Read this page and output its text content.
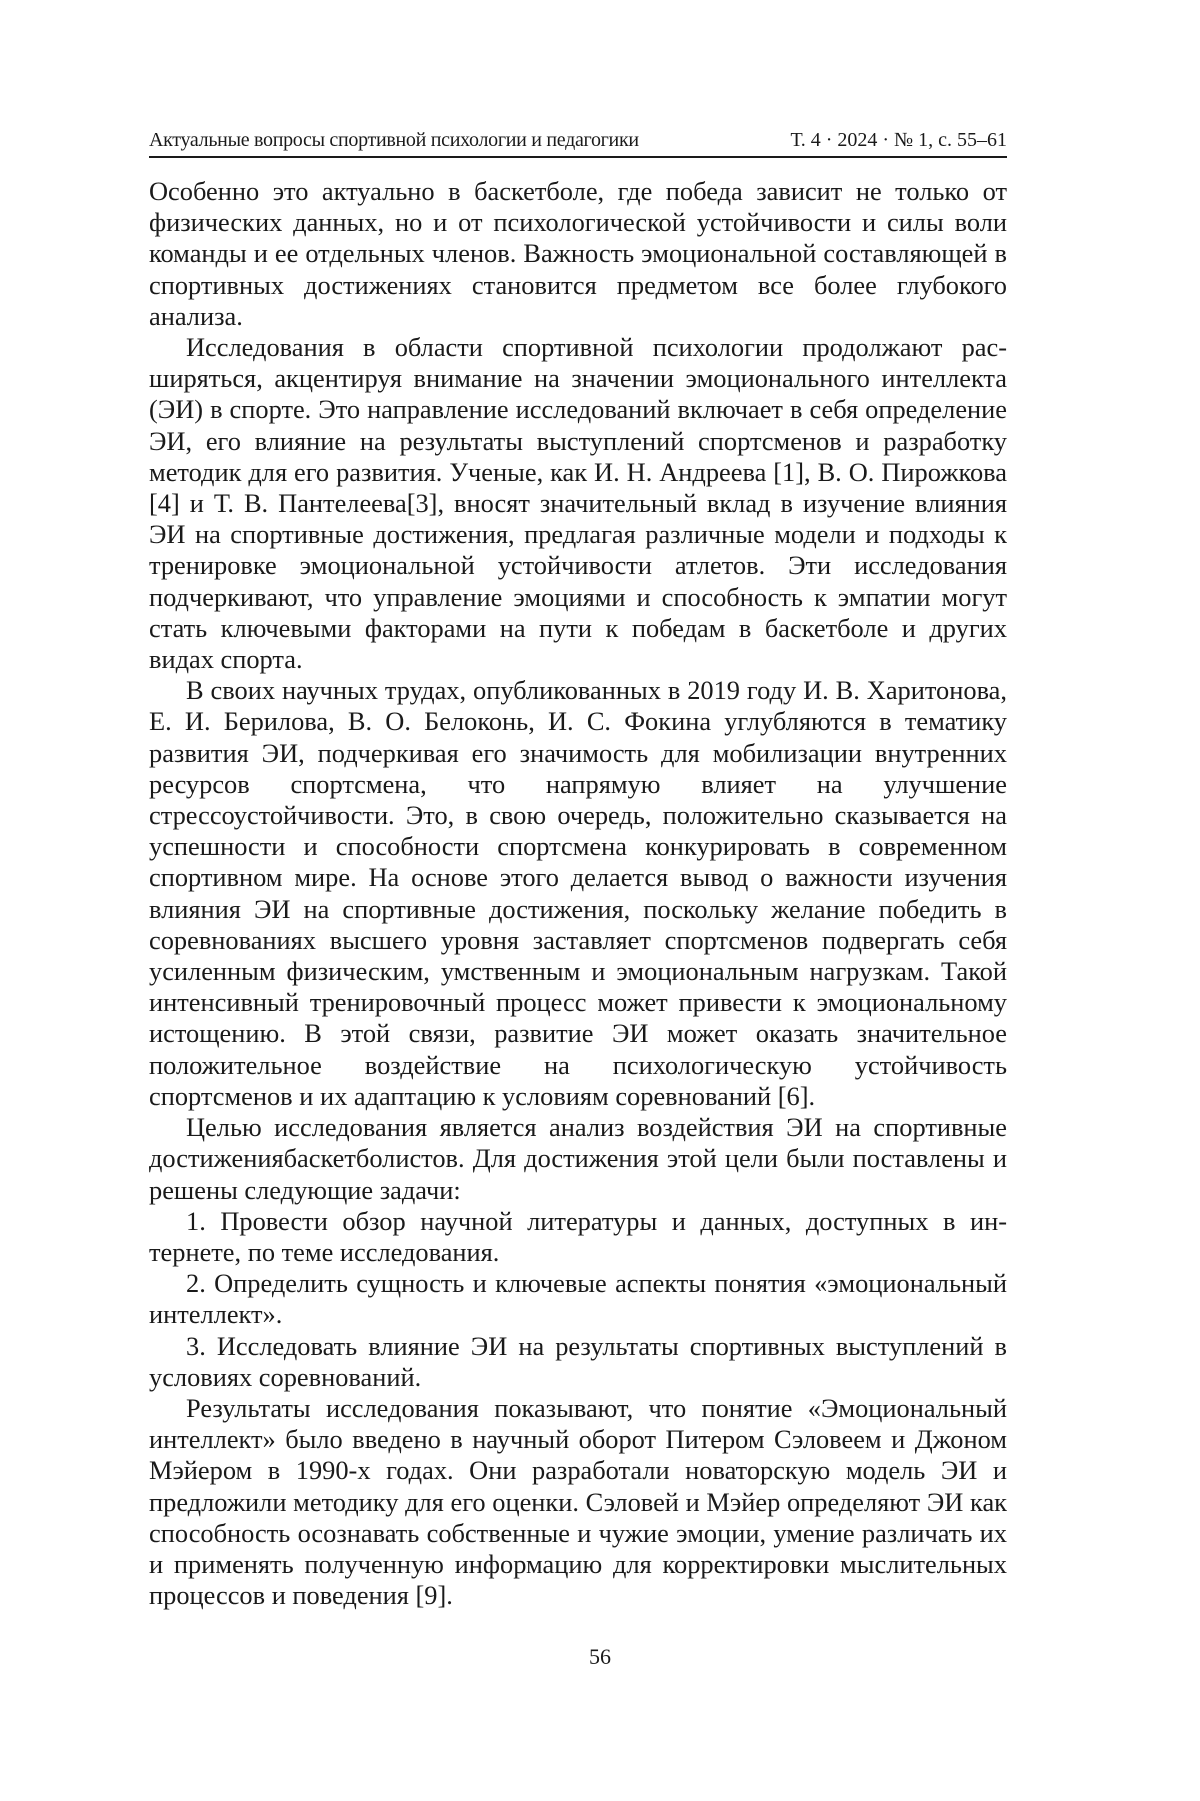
Актуальные вопросы спортивной психологии и педагогики	Т. 4 · 2024 · № 1, с. 55–61

Особенно это актуально в баскетболе, где победа зависит не только от физических данных, но и от психологической устойчивости и силы воли команды и ее отдельных членов. Важность эмоциональной со­ставляющей в спортивных достижениях становится предметом все более глубокого анализа.

Исследования в области спортивной психологии продолжают рас­ширяться, акцентируя внимание на значении эмоционального интел­лекта (ЭИ) в спорте. Это направление исследований включает в себя определение ЭИ, его влияние на результаты выступлений спортсме­нов и разработку методик для его развития. Ученые, как И. Н. Ан­дреева [1], В. О. Пирожкова [4] и Т. В. Пантелеева[3], вносят значи­тельный вклад в изучение влияния ЭИ на спортивные достижения, предлагая различные модели и подходы к тренировке эмоциональной устойчивости атлетов. Эти исследования подчеркивают, что управле­ние эмоциями и способность к эмпатии могут стать ключевыми фак­торами на пути к победам в баскетболе и других видах спорта.

В своих научных трудах, опубликованных в 2019 году И. В. Харито­нова, Е. И. Берилова, В. О. Белоконь, И. С. Фокина углубляются в те­матику развития ЭИ, подчеркивая его значимость для мобилизации внутренних ресурсов спортсмена, что напрямую влияет на улучшение стрессоустойчивости. Это, в свою очередь, положительно сказывается на успешности и способности спортсмена конкурировать в современном спортивном мире. На основе этого делается вывод о важности изучения влияния ЭИ на спортивные достижения, поскольку желание победить в соревнованиях высшего уровня заставляет спортсменов подвергать себя усиленным физическим, умственным и эмоциональным нагрузкам. Такой интенсивный тренировочный процесс может привести к эмоцио­нальному истощению. В этой связи, развитие ЭИ может оказать значи­тельное положительное воздействие на психологическую устойчивость спортсменов и их адаптацию к условиям соревнований [6].

Целью исследования является анализ воздействия ЭИ на спортив­ные достижениябаскетболистов. Для достижения этой цели были по­ставлены и решены следующие задачи:

1. Провести обзор научной литературы и данных, доступных в ин­тернете, по теме исследования.

2. Определить сущность и ключевые аспекты понятия «эмоцио­нальный интеллект».

3. Исследовать влияние ЭИ на результаты спортивных выступле­ний в условиях соревнований.

Результаты исследования показывают, что понятие «Эмоциональ­ный интеллект» было введено в научный оборот Питером Сэловеем и Джоном Мэйером в 1990-х годах. Они разработали новаторскую модель ЭИ и предложили методику для его оценки. Сэловей и Мэй­ер определяют ЭИ как способность осознавать собственные и чужие эмоции, умение различать их и применять полученную информацию для корректировки мыслительных процессов и поведения [9].

56
